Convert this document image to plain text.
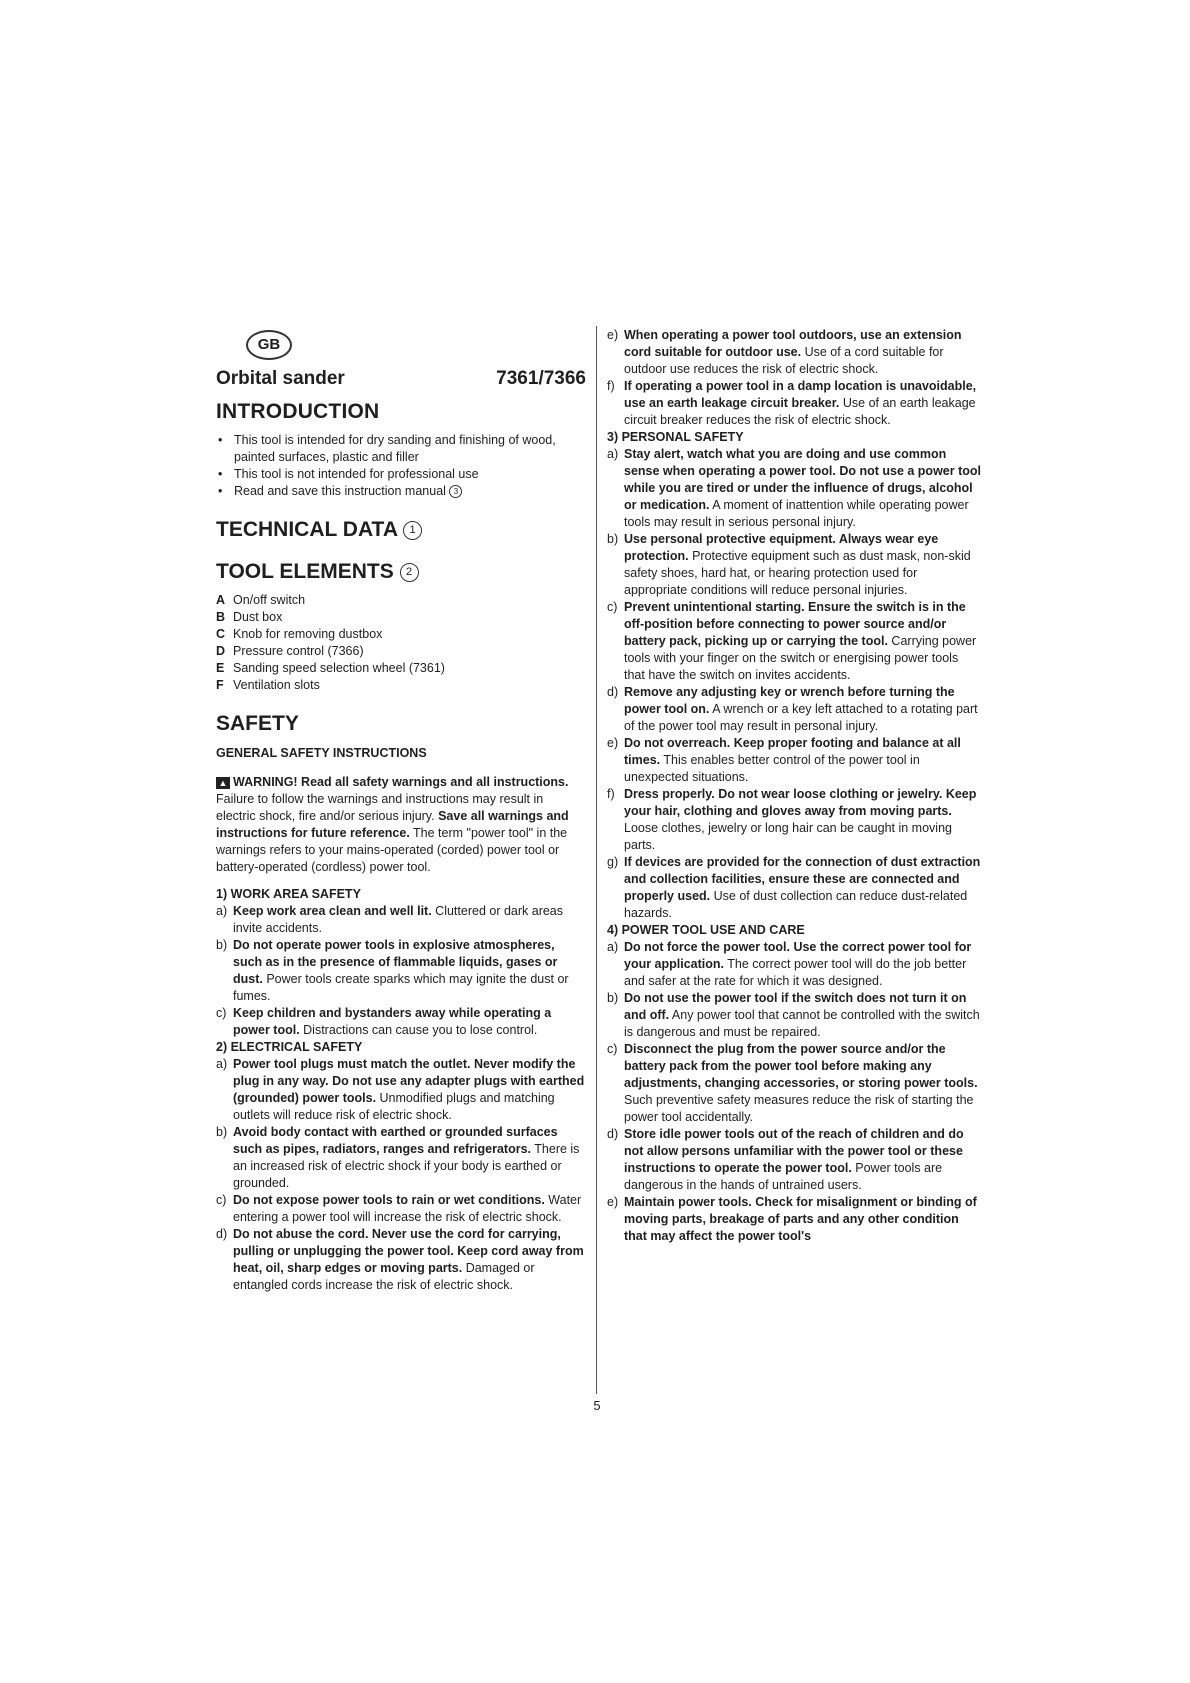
GB
Orbital sander	7361/7366
INTRODUCTION
• This tool is intended for dry sanding and finishing of wood, painted surfaces, plastic and filler
• This tool is not intended for professional use
• Read and save this instruction manual 3
TECHNICAL DATA 1
TOOL ELEMENTS 2
A On/off switch
B Dust box
C Knob for removing dustbox
D Pressure control (7366)
E Sanding speed selection wheel (7361)
F Ventilation slots
SAFETY
GENERAL SAFETY INSTRUCTIONS
▲ WARNING! Read all safety warnings and all instructions. Failure to follow the warnings and instructions may result in electric shock, fire and/or serious injury. Save all warnings and instructions for future reference. The term "power tool" in the warnings refers to your mains-operated (corded) power tool or battery-operated (cordless) power tool.
1) WORK AREA SAFETY
a) Keep work area clean and well lit. Cluttered or dark areas invite accidents.
b) Do not operate power tools in explosive atmospheres, such as in the presence of flammable liquids, gases or dust. Power tools create sparks which may ignite the dust or fumes.
c) Keep children and bystanders away while operating a power tool. Distractions can cause you to lose control.
2) ELECTRICAL SAFETY
a) Power tool plugs must match the outlet. Never modify the plug in any way. Do not use any adapter plugs with earthed (grounded) power tools. Unmodified plugs and matching outlets will reduce risk of electric shock.
b) Avoid body contact with earthed or grounded surfaces such as pipes, radiators, ranges and refrigerators. There is an increased risk of electric shock if your body is earthed or grounded.
c) Do not expose power tools to rain or wet conditions. Water entering a power tool will increase the risk of electric shock.
d) Do not abuse the cord. Never use the cord for carrying, pulling or unplugging the power tool. Keep cord away from heat, oil, sharp edges or moving parts. Damaged or entangled cords increase the risk of electric shock.
e) When operating a power tool outdoors, use an extension cord suitable for outdoor use. Use of a cord suitable for outdoor use reduces the risk of electric shock.
f) If operating a power tool in a damp location is unavoidable, use an earth leakage circuit breaker. Use of an earth leakage circuit breaker reduces the risk of electric shock.
3) PERSONAL SAFETY
a) Stay alert, watch what you are doing and use common sense when operating a power tool. Do not use a power tool while you are tired or under the influence of drugs, alcohol or medication. A moment of inattention while operating power tools may result in serious personal injury.
b) Use personal protective equipment. Always wear eye protection. Protective equipment such as dust mask, non-skid safety shoes, hard hat, or hearing protection used for appropriate conditions will reduce personal injuries.
c) Prevent unintentional starting. Ensure the switch is in the off-position before connecting to power source and/or battery pack, picking up or carrying the tool. Carrying power tools with your finger on the switch or energising power tools that have the switch on invites accidents.
d) Remove any adjusting key or wrench before turning the power tool on. A wrench or a key left attached to a rotating part of the power tool may result in personal injury.
e) Do not overreach. Keep proper footing and balance at all times. This enables better control of the power tool in unexpected situations.
f) Dress properly. Do not wear loose clothing or jewelry. Keep your hair, clothing and gloves away from moving parts. Loose clothes, jewelry or long hair can be caught in moving parts.
g) If devices are provided for the connection of dust extraction and collection facilities, ensure these are connected and properly used. Use of dust collection can reduce dust-related hazards.
4) POWER TOOL USE AND CARE
a) Do not force the power tool. Use the correct power tool for your application. The correct power tool will do the job better and safer at the rate for which it was designed.
b) Do not use the power tool if the switch does not turn it on and off. Any power tool that cannot be controlled with the switch is dangerous and must be repaired.
c) Disconnect the plug from the power source and/or the battery pack from the power tool before making any adjustments, changing accessories, or storing power tools. Such preventive safety measures reduce the risk of starting the power tool accidentally.
d) Store idle power tools out of the reach of children and do not allow persons unfamiliar with the power tool or these instructions to operate the power tool. Power tools are dangerous in the hands of untrained users.
e) Maintain power tools. Check for misalignment or binding of moving parts, breakage of parts and any other condition that may affect the power tool's
5
